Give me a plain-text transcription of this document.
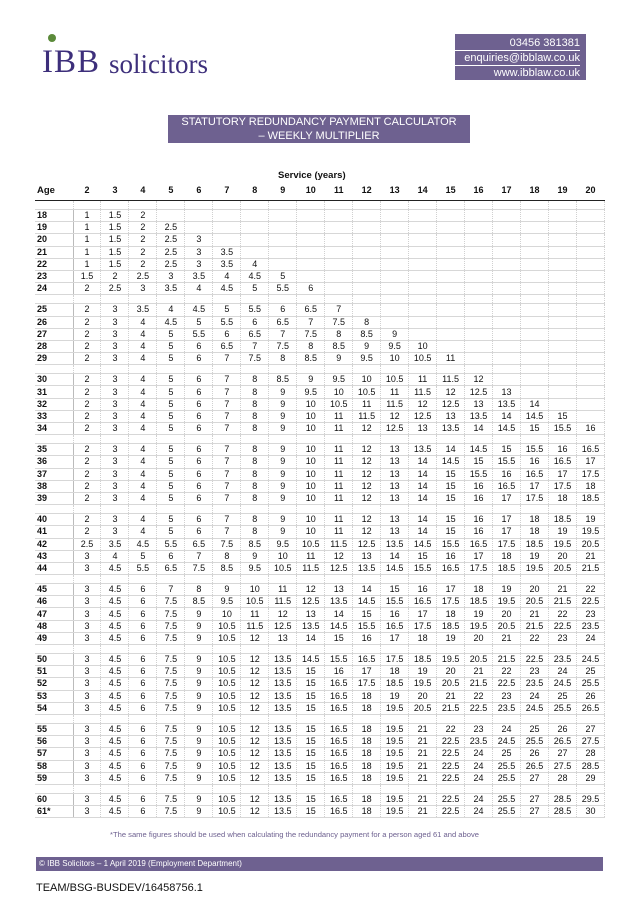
IBB solicitors
03456 381381
enquiries@ibblaw.co.uk
www.ibblaw.co.uk
STATUTORY REDUNDANCY PAYMENT CALCULATOR
– WEEKLY MULTIPLIER
Service (years)
Age	2	3	4	5	6	7	8	9	10	11	12	13	14	15	16	17	18	19	20

18	1	1.5	2																
19	1	1.5	2	2.5															
20	1	1.5	2	2.5	3														
21	1	1.5	2	2.5	3	3.5													
22	1	1.5	2	2.5	3	3.5	4												
23	1.5	2	2.5	3	3.5	4	4.5	5											
24	2	2.5	3	3.5	4	4.5	5	5.5	6										

25	2	3	3.5	4	4.5	5	5.5	6	6.5	7									
26	2	3	4	4.5	5	5.5	6	6.5	7	7.5	8								
27	2	3	4	5	5.5	6	6.5	7	7.5	8	8.5	9							
28	2	3	4	5	6	6.5	7	7.5	8	8.5	9	9.5	10						
29	2	3	4	5	6	7	7.5	8	8.5	9	9.5	10	10.5	11					

30	2	3	4	5	6	7	8	8.5	9	9.5	10	10.5	11	11.5	12				
31	2	3	4	5	6	7	8	9	9.5	10	10.5	11	11.5	12	12.5	13			
32	2	3	4	5	6	7	8	9	10	10.5	11	11.5	12	12.5	13	13.5	14		
33	2	3	4	5	6	7	8	9	10	11	11.5	12	12.5	13	13.5	14	14.5	15	
34	2	3	4	5	6	7	8	9	10	11	12	12.5	13	13.5	14	14.5	15	15.5	16

35	2	3	4	5	6	7	8	9	10	11	12	13	13.5	14	14.5	15	15.5	16	16.5
36	2	3	4	5	6	7	8	9	10	11	12	13	14	14.5	15	15.5	16	16.5	17
37	2	3	4	5	6	7	8	9	10	11	12	13	14	15	15.5	16	16.5	17	17.5
38	2	3	4	5	6	7	8	9	10	11	12	13	14	15	16	16.5	17	17.5	18
39	2	3	4	5	6	7	8	9	10	11	12	13	14	15	16	17	17.5	18	18.5

40	2	3	4	5	6	7	8	9	10	11	12	13	14	15	16	17	18	18.5	19
41	2	3	4	5	6	7	8	9	10	11	12	13	14	15	16	17	18	19	19.5
42	2.5	3.5	4.5	5.5	6.5	7.5	8.5	9.5	10.5	11.5	12.5	13.5	14.5	15.5	16.5	17.5	18.5	19.5	20.5
43	3	4	5	6	7	8	9	10	11	12	13	14	15	16	17	18	19	20	21
44	3	4.5	5.5	6.5	7.5	8.5	9.5	10.5	11.5	12.5	13.5	14.5	15.5	16.5	17.5	18.5	19.5	20.5	21.5

45	3	4.5	6	7	8	9	10	11	12	13	14	15	16	17	18	19	20	21	22
46	3	4.5	6	7.5	8.5	9.5	10.5	11.5	12.5	13.5	14.5	15.5	16.5	17.5	18.5	19.5	20.5	21.5	22.5
47	3	4.5	6	7.5	9	10	11	12	13	14	15	16	17	18	19	20	21	22	23
48	3	4.5	6	7.5	9	10.5	11.5	12.5	13.5	14.5	15.5	16.5	17.5	18.5	19.5	20.5	21.5	22.5	23.5
49	3	4.5	6	7.5	9	10.5	12	13	14	15	16	17	18	19	20	21	22	23	24

50	3	4.5	6	7.5	9	10.5	12	13.5	14.5	15.5	16.5	17.5	18.5	19.5	20.5	21.5	22.5	23.5	24.5
51	3	4.5	6	7.5	9	10.5	12	13.5	15	16	17	18	19	20	21	22	23	24	25
52	3	4.5	6	7.5	9	10.5	12	13.5	15	16.5	17.5	18.5	19.5	20.5	21.5	22.5	23.5	24.5	25.5
53	3	4.5	6	7.5	9	10.5	12	13.5	15	16.5	18	19	20	21	22	23	24	25	26
54	3	4.5	6	7.5	9	10.5	12	13.5	15	16.5	18	19.5	20.5	21.5	22.5	23.5	24.5	25.5	26.5

55	3	4.5	6	7.5	9	10.5	12	13.5	15	16.5	18	19.5	21	22	23	24	25	26	27
56	3	4.5	6	7.5	9	10.5	12	13.5	15	16.5	18	19.5	21	22.5	23.5	24.5	25.5	26.5	27.5
57	3	4.5	6	7.5	9	10.5	12	13.5	15	16.5	18	19.5	21	22.5	24	25	26	27	28
58	3	4.5	6	7.5	9	10.5	12	13.5	15	16.5	18	19.5	21	22.5	24	25.5	26.5	27.5	28.5
59	3	4.5	6	7.5	9	10.5	12	13.5	15	16.5	18	19.5	21	22.5	24	25.5	27	28	29

60	3	4.5	6	7.5	9	10.5	12	13.5	15	16.5	18	19.5	21	22.5	24	25.5	27	28.5	29.5
61*	3	4.5	6	7.5	9	10.5	12	13.5	15	16.5	18	19.5	21	22.5	24	25.5	27	28.5	30
*The same figures should be used when calculating the redundancy payment for a person aged 61 and above
© IBB Solicitors – 1 April 2019 (Employment Department)
TEAM/BSG-BUSDEV/16458756.1
